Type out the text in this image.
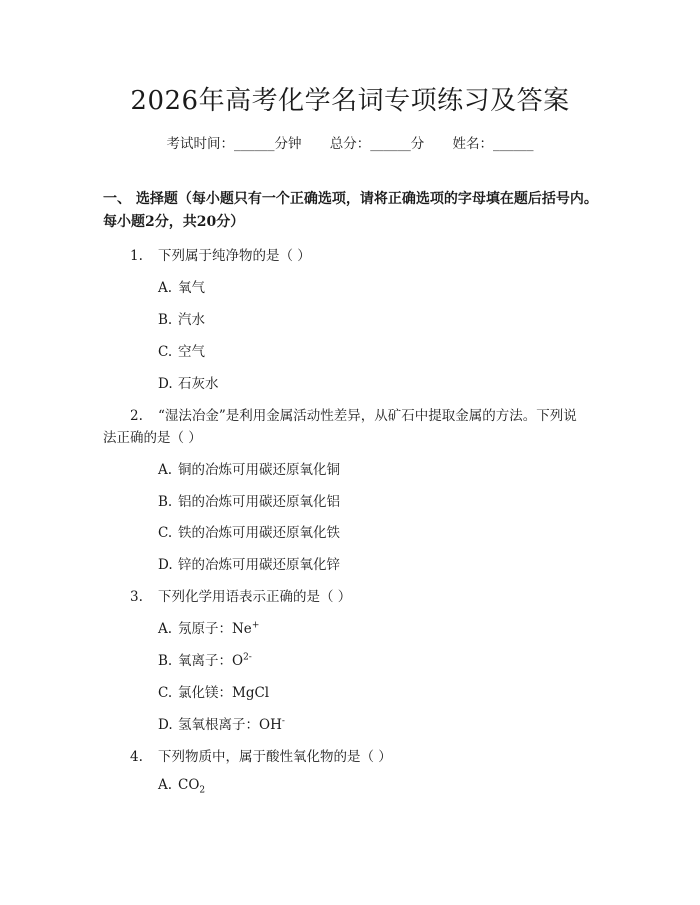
2026年高考化学名词专项练习及答案
考试时间：______分钟 总分：______分 姓名：______
一、 选择题（每小题只有一个正确选项，请将正确选项的字母填在题后括号内。
每小题2分，共20分）
1. 下列属于纯净物的是（ ）
A. 氧气
B. 汽水
C. 空气
D. 石灰水
2. “湿法冶金”是利用金属活动性差异，从矿石中提取金属的方法。下列说
法正确的是（ ）
A. 铜的冶炼可用碳还原氧化铜
B. 铝的冶炼可用碳还原氧化铝
C. 铁的冶炼可用碳还原氧化铁
D. 锌的冶炼可用碳还原氧化锌
3. 下列化学用语表示正确的是（ ）
A. 氖原子：Ne+
B. 氧离子：$O^{2-}$
C. 氯化镁：MgCl
D. 氢氧根离子：OH-
4. 下列物质中，属于酸性氧化物的是（ ）
A. $CO_2$
